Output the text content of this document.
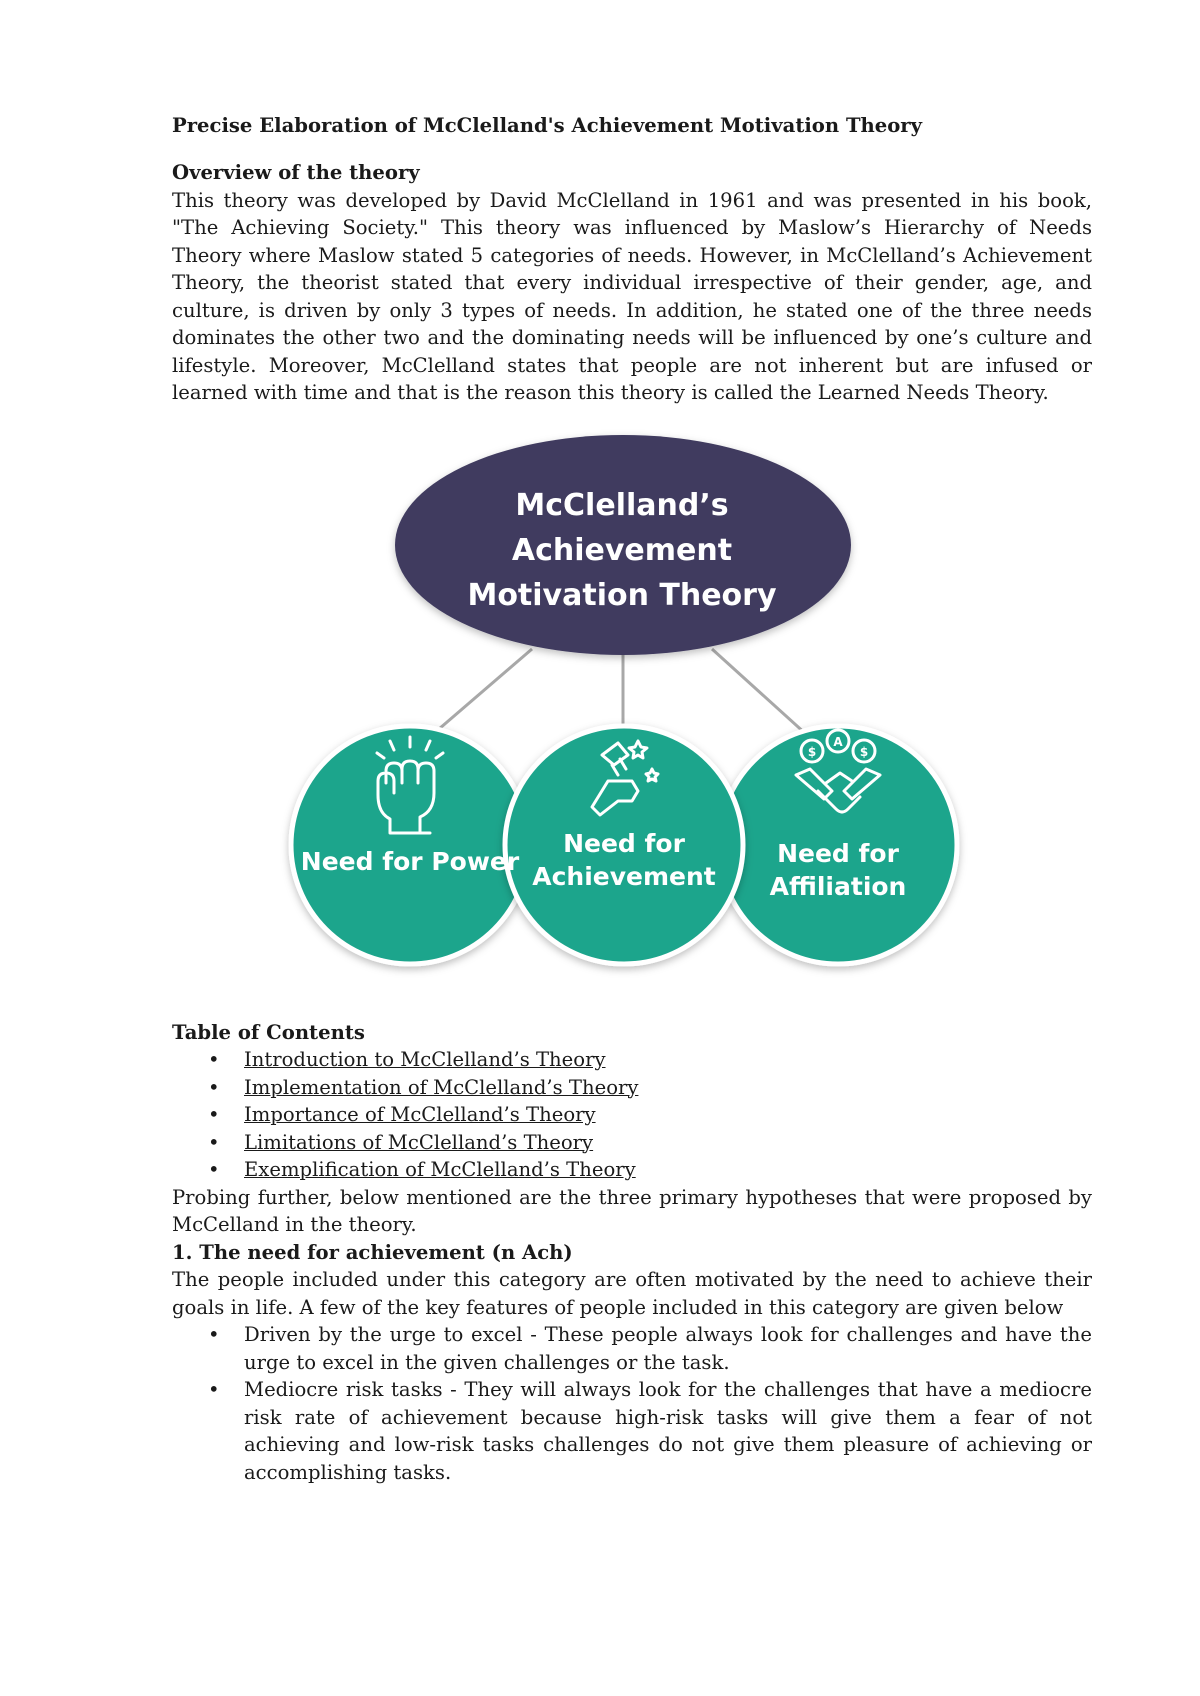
Precise Elaboration of McClelland's Achievement Motivation Theory
Overview of the theory

This theory was developed by David McClelland in 1961 and was presented in his book, "The Achieving Society." This theory was influenced by Maslow’s Hierarchy of Needs Theory where Maslow stated 5 categories of needs. However, in McClelland’s Achievement Theory, the theorist stated that every individual irrespective of their gender, age, and culture, is driven by only 3 types of needs. In addition, he stated one of the three needs dominates the other two and the dominating needs will be influenced by one’s culture and lifestyle. Moreover, McClelland states that people are not inherent but are infused or learned with time and that is the reason this theory is called the Learned Needs Theory.

A
$	$
McClelland’s Achievement Motivation Theory
Need for Power
Need for Achievement
Need for Affiliation
Table of Contents
• Introduction to McClelland’s Theory
• Implementation of McClelland’s Theory
• Importance of McClelland’s Theory
• Limitations of McClelland’s Theory
• Exemplification of McClelland’s Theory

Probing further, below mentioned are the three primary hypotheses that were proposed by McCelland in the theory.

1. The need for achievement (n Ach)

The people included under this category are often motivated by the need to achieve their goals in life. A few of the key features of people included in this category are given below

• Driven by the urge to excel - These people always look for challenges and have the urge to excel in the given challenges or the task.
• Mediocre risk tasks - They will always look for the challenges that have a mediocre risk rate of achievement because high-risk tasks will give them a fear of not achieving and low-risk tasks challenges do not give them pleasure of achieving or accomplishing tasks.
